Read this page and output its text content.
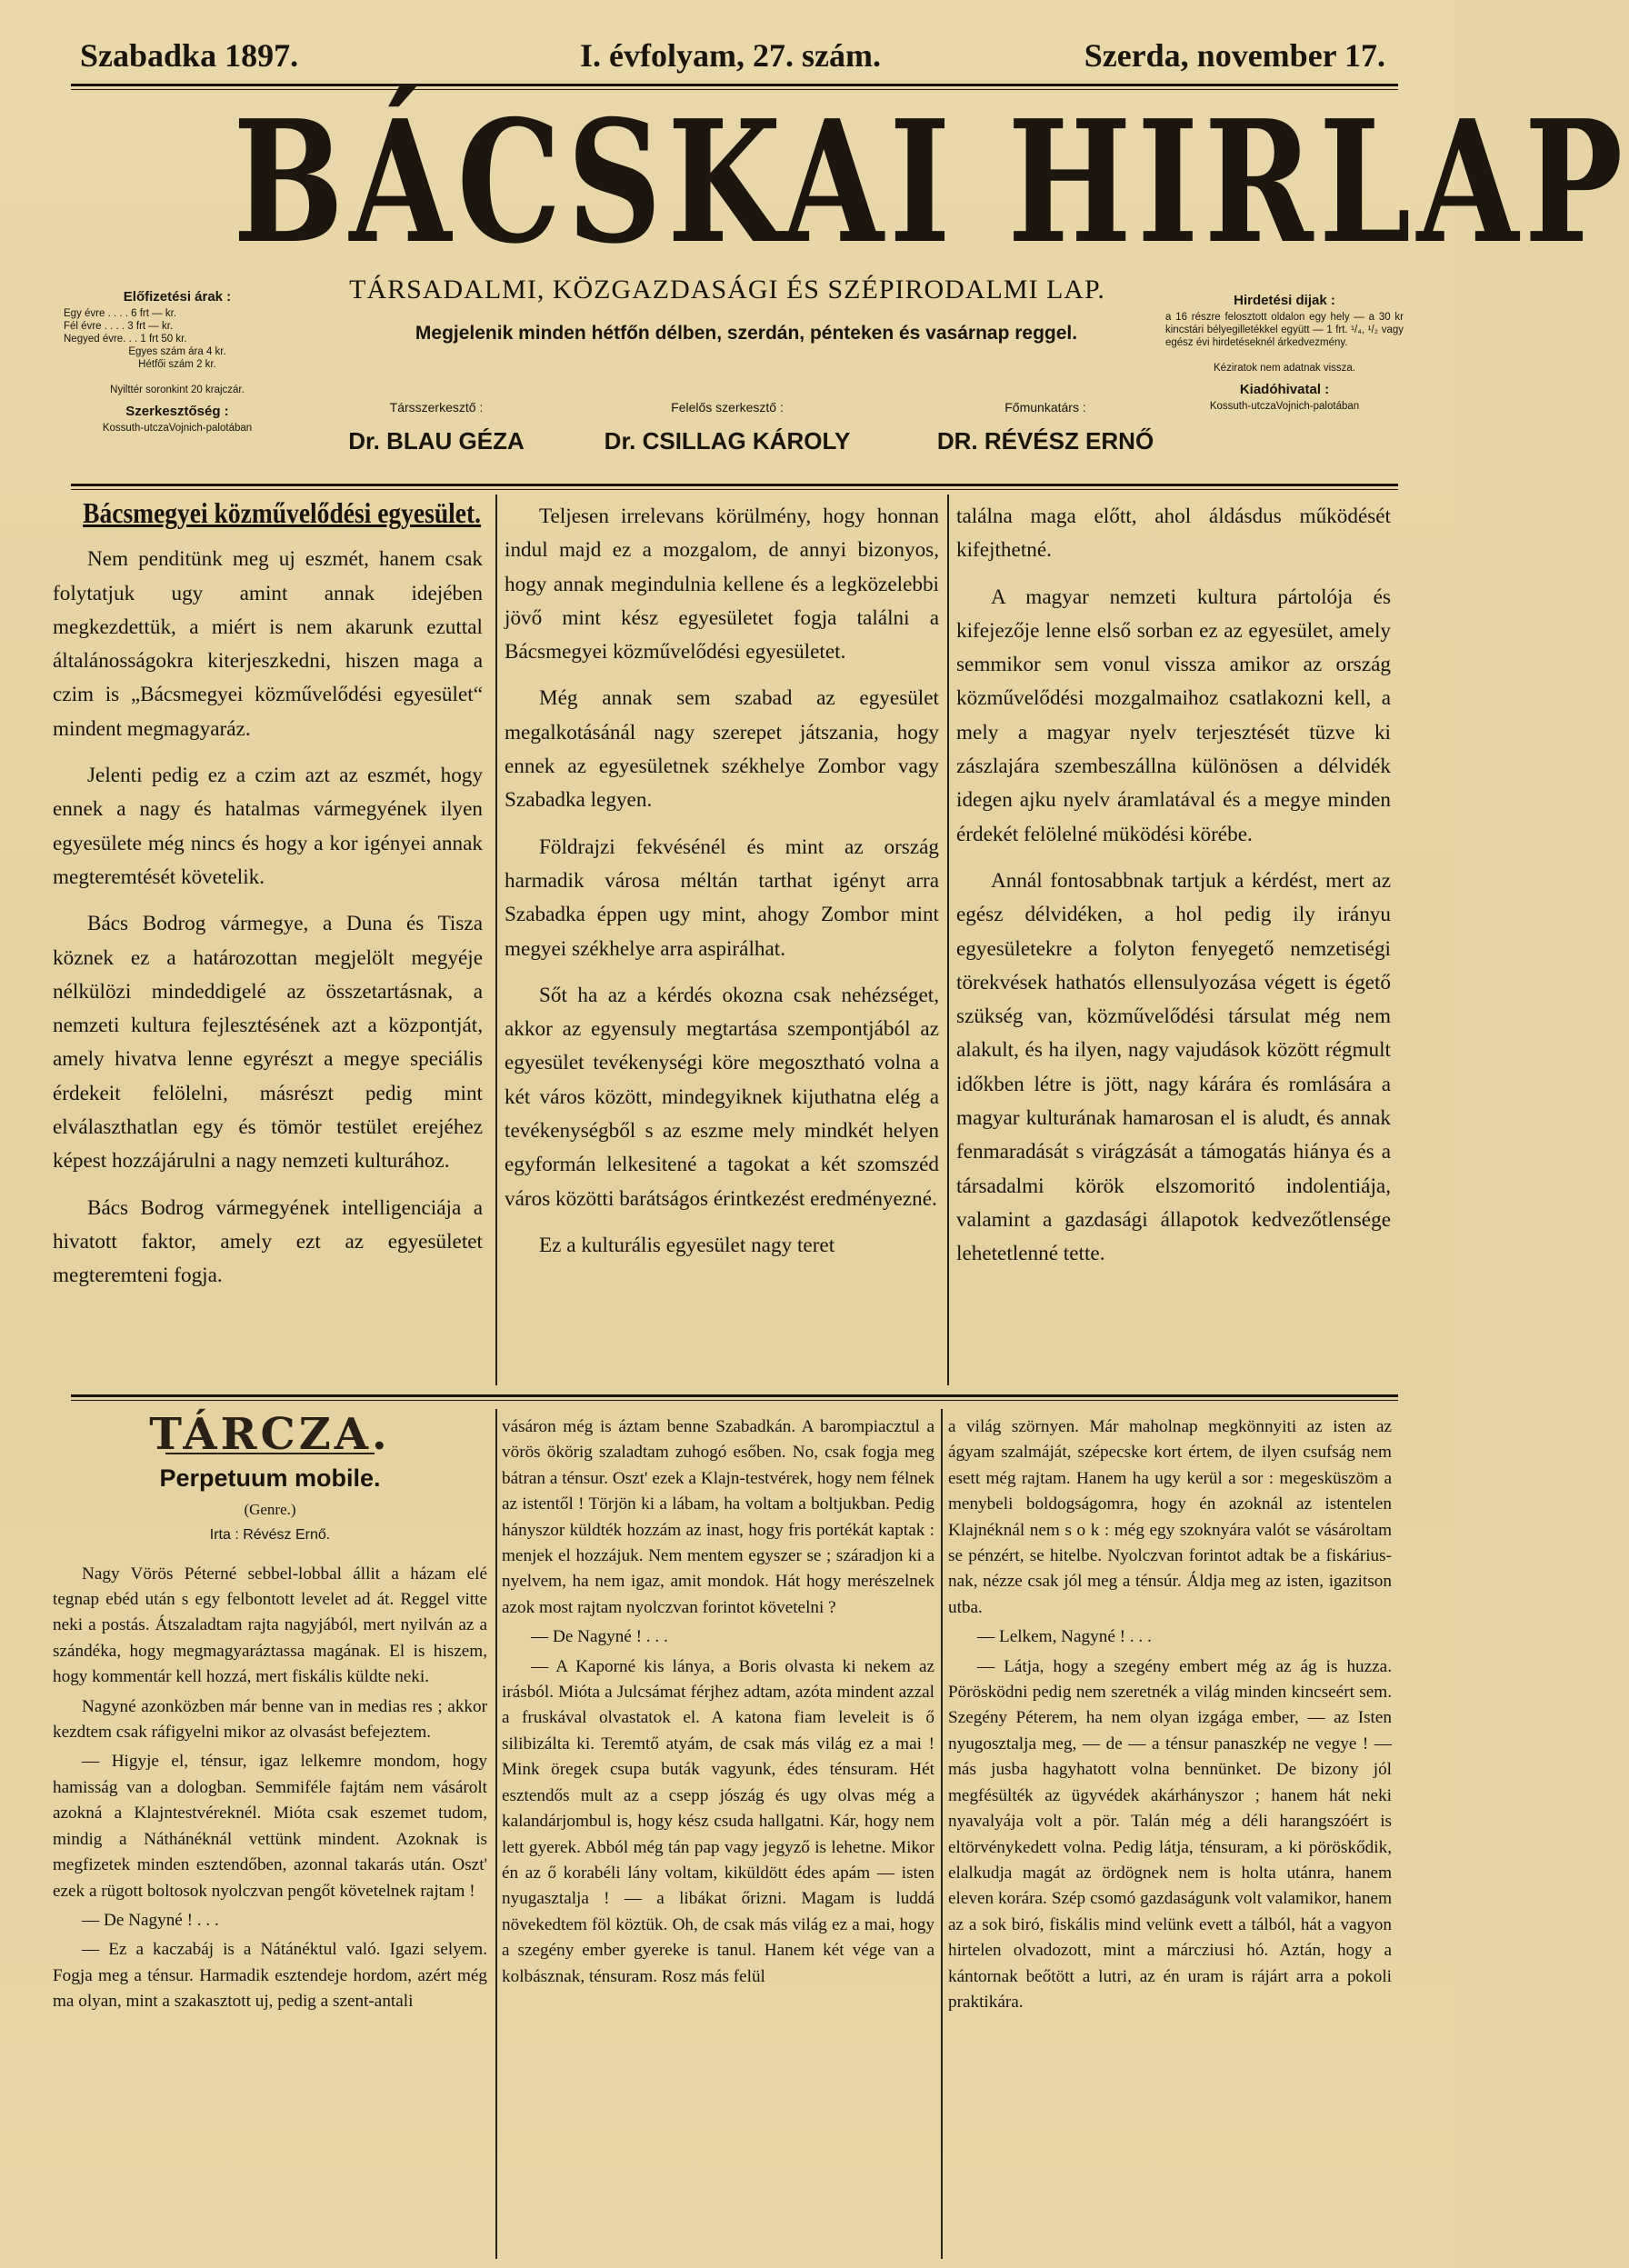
Szabadka 1897.	I. évfolyam, 27. szám.	Szerda, november 17.
BÁCSKAI HIRLAP
TÁRSADALMI, KÖZGAZDASÁGI ÉS SZÉPIRODALMI LAP.
Megjelenik minden hétfőn délben, szerdán, pénteken és vasárnap reggel.
Előfizetési árak :
Egy évre . . . . 6 frt — kr.
Fél évre . . . . 3 frt — kr.
Negyed évre. . . 1 frt 50 kr.
Egyes szám ára 4 kr.
Hétfői szám 2 kr.
Nyilttér soronkint 20 krajczár.
Szerkesztőség :
Kossuth-utczaVojnich-palotában
Hirdetési dijak :
a 16 részre felosztott oldalon egy hely — a 30 kr kincstári bélyegilletékkel együtt — 1 frt. ¹/₄, ¹/₂ vagy egész évi hirdetéseknél árkedvezmény.
Kéziratok nem adatnak vissza.
Kiadóhivatal :
Kossuth-utczaVojnich-palotában
Társszerkesztő :
Dr. BLAU GÉZA
Felelős szerkesztő :
Dr. CSILLAG KÁROLY
Főmunkatárs :
DR. RÉVÉSZ ERNŐ
Bácsmegyei közművelődési egyesület.

Nem penditünk meg uj eszmét, hanem csak folytatjuk ugy amint annak idejében megkezdettük, a miért is nem akarunk ezuttal általánosságokra kiterjeszkedni, hiszen maga a czim is „Bácsmegyei közművelődési egyesület“ mindent megmagyaráz.

Jelenti pedig ez a czim azt az eszmét, hogy ennek a nagy és hatalmas vármegyének ilyen egyesülete még nincs és hogy a kor igényei annak megteremtését követelik.

Bács Bodrog vármegye, a Duna és Tisza köznek ez a határozottan megjelölt megyéje nélkülözi mindeddigelé az összetartásnak, a nemzeti kultura fejlesztésének azt a központját, amely hivatva lenne egyrészt a megye speciális érdekeit felölelni, másrészt pedig mint elválaszthatlan egy és tömör testület erejéhez képest hozzájárulni a nagy nemzeti kulturához.

Bács Bodrog vármegyének intelligenciája a hivatott faktor, amely ezt az egyesületet megteremteni fogja.

Teljesen irrelevans körülmény, hogy honnan indul majd ez a mozgalom, de annyi bizonyos, hogy annak megindulnia kellene és a legközelebbi jövő mint kész egyesületet fogja találni a Bácsmegyei közművelődési egyesületet.

Még annak sem szabad az egyesület megalkotásánál nagy szerepet játszania, hogy ennek az egyesületnek székhelye Zombor vagy Szabadka legyen.

Földrajzi fekvésénél és mint az ország harmadik városa méltán tarthat igényt arra Szabadka éppen ugy mint, ahogy Zombor mint megyei székhelye arra aspirálhat.

Sőt ha az a kérdés okozna csak nehézséget, akkor az egyensuly megtartása szempontjából az egyesület tevékenységi köre megosztható volna a két város között, mindegyiknek kijuthatna elég a tevékenységből s az eszme mely mindkét helyen egyformán lelkesitené a tagokat a két szomszéd város közötti barátságos érintkezést eredményezné.

Ez a kulturális egyesület nagy teret

találna maga előtt, ahol áldásdus működését kifejthetné.

A magyar nemzeti kultura pártolója és kifejezője lenne első sorban ez az egyesület, amely semmikor sem vonul vissza amikor az ország közművelődési mozgalmaihoz csatlakozni kell, a mely a magyar nyelv terjesztését tüzve ki zászlajára szembeszállna különösen a délvidék idegen ajku nyelv áramlatával és a megye minden érdekét felölelné müködési körébe.

Annál fontosabbnak tartjuk a kérdést, mert az egész délvidéken, a hol pedig ily irányu egyesületekre a folyton fenyegető nemzetiségi törekvések hathatós ellensulyozása végett is égető szükség van, közművelődési társulat még nem alakult, és ha ilyen, nagy vajudások között régmult időkben létre is jött, nagy kárára és romlására a magyar kulturának hamarosan el is aludt, és annak fenmaradását s virágzását a támogatás hiánya és a társadalmi körök elszomoritó indolentiája, valamint a gazdasági állapotok kedvezőtlensége lehetetlenné tette.

TÁRCZA.
Perpetuum mobile.
(Genre.)
Irta : Révész Ernő.

Nagy Vörös Péterné sebbel-lobbal állit a házam elé tegnap ebéd után s egy felbontott levelet ad át. Reggel vitte neki a postás. Átszaladtam rajta nagyjából, mert nyilván az a szándéka, hogy megmagyaráztassa magának. El is hiszem, hogy kommentár kell hozzá, mert fiskális küldte neki.

Nagyné azonközben már benne van in medias res ; akkor kezdtem csak ráfigyelni mikor az olvasást befejeztem.

— Higyje el, ténsur, igaz lelkemre mondom, hogy hamisság van a dologban. Semmiféle fajtám nem vásárolt azokná a Klajntestvéreknél. Mióta csak eszemet tudom, mindig a Náthánéknál vettünk mindent. Azoknak is megfizetek minden esztendőben, azonnal takarás után. Oszt' ezek a rügott boltosok nyolczvan pengőt követelnek rajtam !

— De Nagyné ! . . .

— Ez a kaczabáj is a Nátánéktul való. Igazi selyem. Fogja meg a ténsur. Harmadik esztendeje hordom, azért még ma olyan, mint a szakasztott uj, pedig a szent-antali

vásáron még is áztam benne Szabadkán. A barompiacztul a vörös ökörig szaladtam zuhogó esőben. No, csak fogja meg bátran a ténsur. Oszt' ezek a Klajn-testvérek, hogy nem félnek az istentől ! Törjön ki a lábam, ha voltam a boltjukban. Pedig hányszor küldték hozzám az inast, hogy fris portékát kaptak : menjek el hozzájuk. Nem mentem egyszer se ; száradjon ki a nyelvem, ha nem igaz, amit mondok. Hát hogy merészelnek azok most rajtam nyolczvan forintot követelni ?

— De Nagyné ! . . .

— A Kaporné kis lánya, a Boris olvasta ki nekem az irásból. Mióta a Julcsámat férjhez adtam, azóta mindent azzal a fruskával olvastatok el. A katona fiam leveleit is ő silibizálta ki. Teremtő atyám, de csak más világ ez a mai ! Mink öregek csupa buták vagyunk, édes ténsuram. Hét esztendős mult az a csepp jószág és ugy olvas még a kalandárjombul is, hogy kész csuda hallgatni. Kár, hogy nem lett gyerek. Abból még tán pap vagy jegyző is lehetne. Mikor én az ő korabéli lány voltam, kiküldött édes apám — isten nyugasztalja ! — a libákat őrizni. Magam is luddá növekedtem föl köztük. Oh, de csak más világ ez a mai, hogy a szegény ember gyereke is tanul. Hanem két vége van a kolbásznak, ténsuram. Rosz más felül

a világ szörnyen. Már maholnap megkönnyiti az isten az ágyam szalmáját, szépecske kort értem, de ilyen csufság nem esett még rajtam. Hanem ha ugy kerül a sor : megesküszöm a menybeli boldogságomra, hogy én azoknál az istentelen Klajnéknál nem s o k : még egy szoknyára valót se vásároltam se pénzért, se hitelbe. Nyolczvan forintot adtak be a fiskáriusnak, nézze csak jól meg a ténsúr. Áldja meg az isten, igazitson utba.

— Lelkem, Nagyné ! . . .

— Látja, hogy a szegény embert még az ág is huzza. Pörösködni pedig nem szeretnék a világ minden kincseért sem. Szegény Péterem, ha nem olyan izgága ember, — az Isten nyugosztalja meg, — de — a ténsur panaszkép ne vegye ! — más jusba hagyhatott volna bennünket. De bizony jól megfésülték az ügyvédek akárhányszor ; hanem hát neki nyavalyája volt a pör. Talán még a déli harangszóért is eltörvénykedett volna. Pedig látja, ténsuram, a ki pöröskődik, elalkudja magát az ördögnek nem is holta utánra, hanem eleven korára. Szép csomó gazdaságunk volt valamikor, hanem az a sok biró, fiskális mind velünk evett a tálból, hát a vagyon hirtelen olvadozott, mint a márcziusi hó. Aztán, hogy a kántornak beőtött a lutri, az én uram is rájárt arra a pokoli praktikára.
